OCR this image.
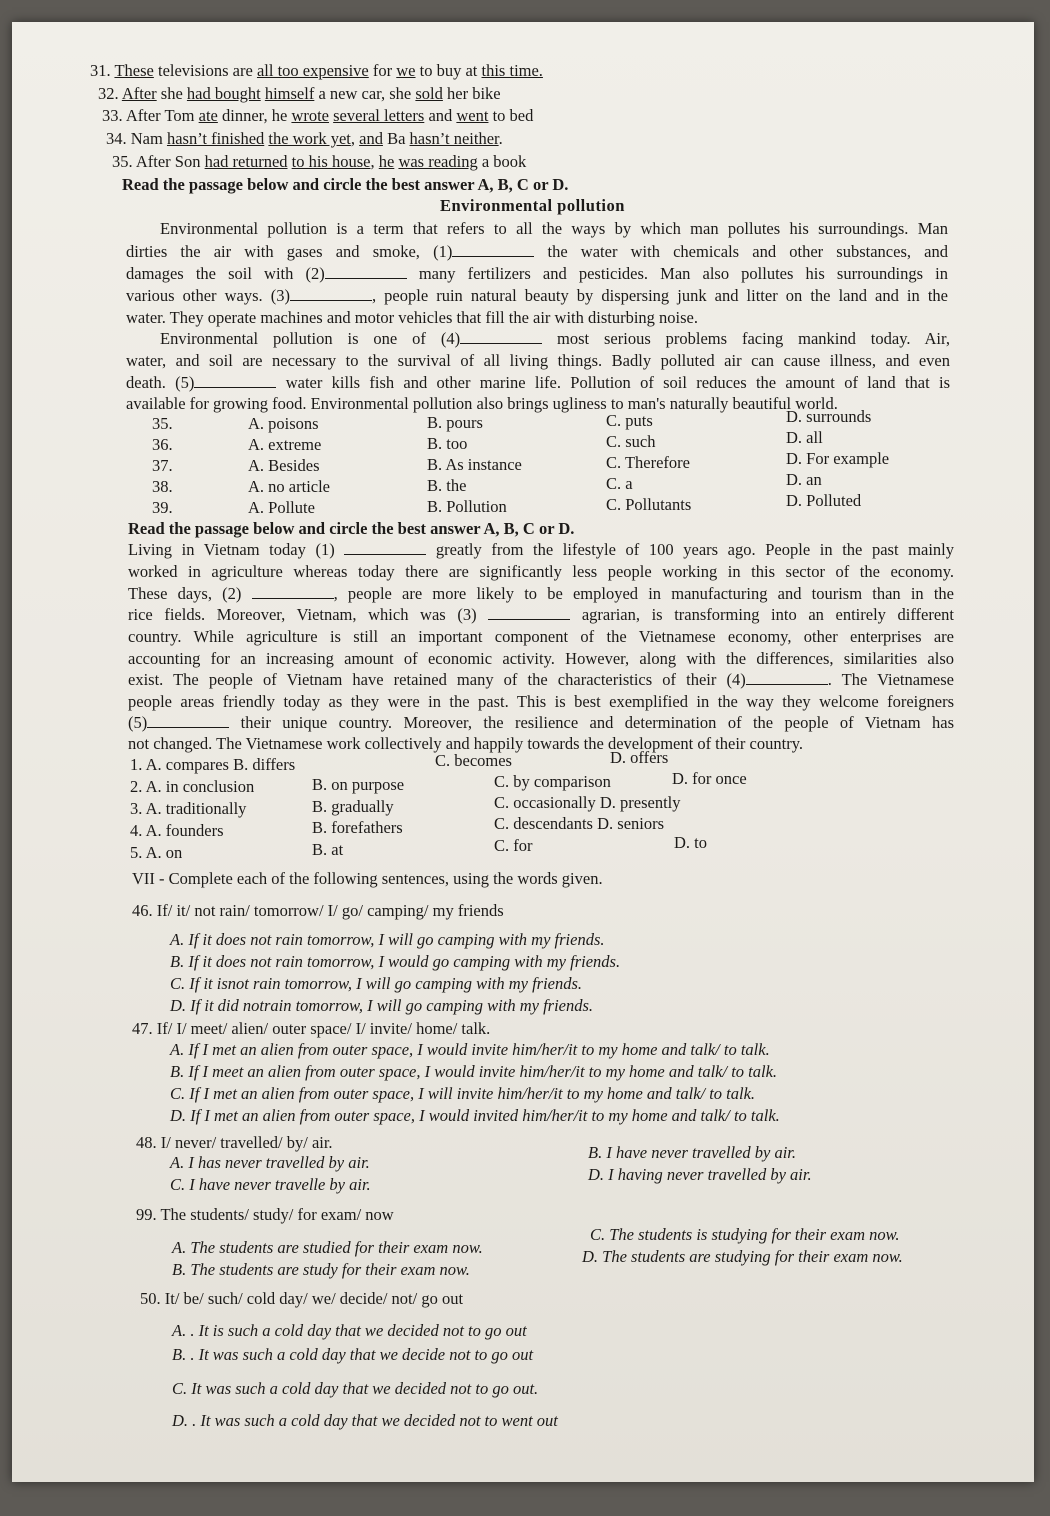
31. These televisions are all too expensive for we to buy at this time.
32. After she had bought himself a new car, she sold her bike
33. After Tom ate dinner, he wrote several letters and went to bed
34. Nam hasn’t finished the work yet, and Ba hasn’t neither.
35. After Son had returned to his house, he was reading a book
Read the passage below and circle the best answer A, B, C or D.
Environmental pollution
Environmental pollution is a term that refers to all the ways by which man pollutes his surroundings. Man
dirties the air with gases and smoke, (1)	the water with chemicals and other substances, and
damages the soil with (2)	many fertilizers and pesticides. Man also pollutes his surroundings in
various other ways. (3)	, people ruin natural beauty by dispersing junk and litter on the land and in the
water. They operate machines and motor vehicles that fill the air with disturbing noise.
Environmental pollution is one of (4)	most serious problems facing mankind today. Air,
water, and soil are necessary to the survival of all living things. Badly polluted air can cause illness, and even
death. (5)	water kills fish and other marine life. Pollution of soil reduces the amount of land that is
available for growing food. Environmental pollution also brings ugliness to man's naturally beautiful world.
35.	A. poisons	B. pours	C. puts	D. surrounds
36.	A. extreme	B. too	C. such	D. all
37.	A. Besides	B. As instance	C. Therefore	D. For example
38.	A. no article	B. the	C. a	D. an
39.	A. Pollute	B. Pollution	C. Pollutants	D. Polluted
Read the passage below and circle the best answer A, B, C or D.
Living in Vietnam today (1)	greatly from the lifestyle of 100 years ago. People in the past mainly
worked in agriculture whereas today there are significantly less people working in this sector of the economy.
These days, (2)	, people are more likely to be employed in manufacturing and tourism than in the
rice fields. Moreover, Vietnam, which was (3)	agrarian, is transforming into an entirely different
country. While agriculture is still an important component of the Vietnamese economy, other enterprises are
accounting for an increasing amount of economic activity. However, along with the differences, similarities also
exist. The people of Vietnam have retained many of the characteristics of their (4)	. The Vietnamese
people areas friendly today as they were in the past. This is best exemplified in the way they welcome foreigners
(5)	their unique country. Moreover, the resilience and determination of the people of Vietnam has
not changed. The Vietnamese work collectively and happily towards the development of their country.
1. A. compares B. differs	C. becomes	D. offers
2. A. in conclusion	B. on purpose	C. by comparison	D. for once
3. A. traditionally	B. gradually	C. occasionally D. presently
4. A. founders	B. forefathers	C. descendants D. seniors
5. A. on	B. at	C. for	D. to
VII - Complete each of the following sentences, using the words given.
46. If/ it/ not rain/ tomorrow/ I/ go/ camping/ my friends
A. If it does not rain tomorrow, I will go camping with my friends.
B. If it does not rain tomorrow, I would go camping with my friends.
C. If it isnot rain tomorrow, I will go camping with my friends.
D. If it did notrain tomorrow, I will go camping with my friends.
47. If/ I/ meet/ alien/ outer space/ I/ invite/ home/ talk.
A. If I met an alien from outer space, I would invite him/her/it to my home and talk/ to talk.
B. If I meet an alien from outer space, I would invite him/her/it to my home and talk/ to talk.
C. If I met an alien from outer space, I will invite him/her/it to my home and talk/ to talk.
D. If I met an alien from outer space, I would invited him/her/it to my home and talk/ to talk.
48. I/ never/ travelled/ by/ air.
A. I has never travelled by air.
B. I have never travelled by air.
C. I have never travelle by air.
D. I having never travelled by air.
99. The students/ study/ for exam/ now
A. The students are studied for their exam now.
B. The students are study for their exam now.
C. The students is studying for their exam now.
D. The students are studying for their exam now.
50. It/ be/ such/ cold day/ we/ decide/ not/ go out
A. . It is such a cold day that we decided not to go out
B. . It was such a cold day that we decide not to go out
C. It was such a cold day that we decided not to go out.
D. . It was such a cold day that we decided not to went out
